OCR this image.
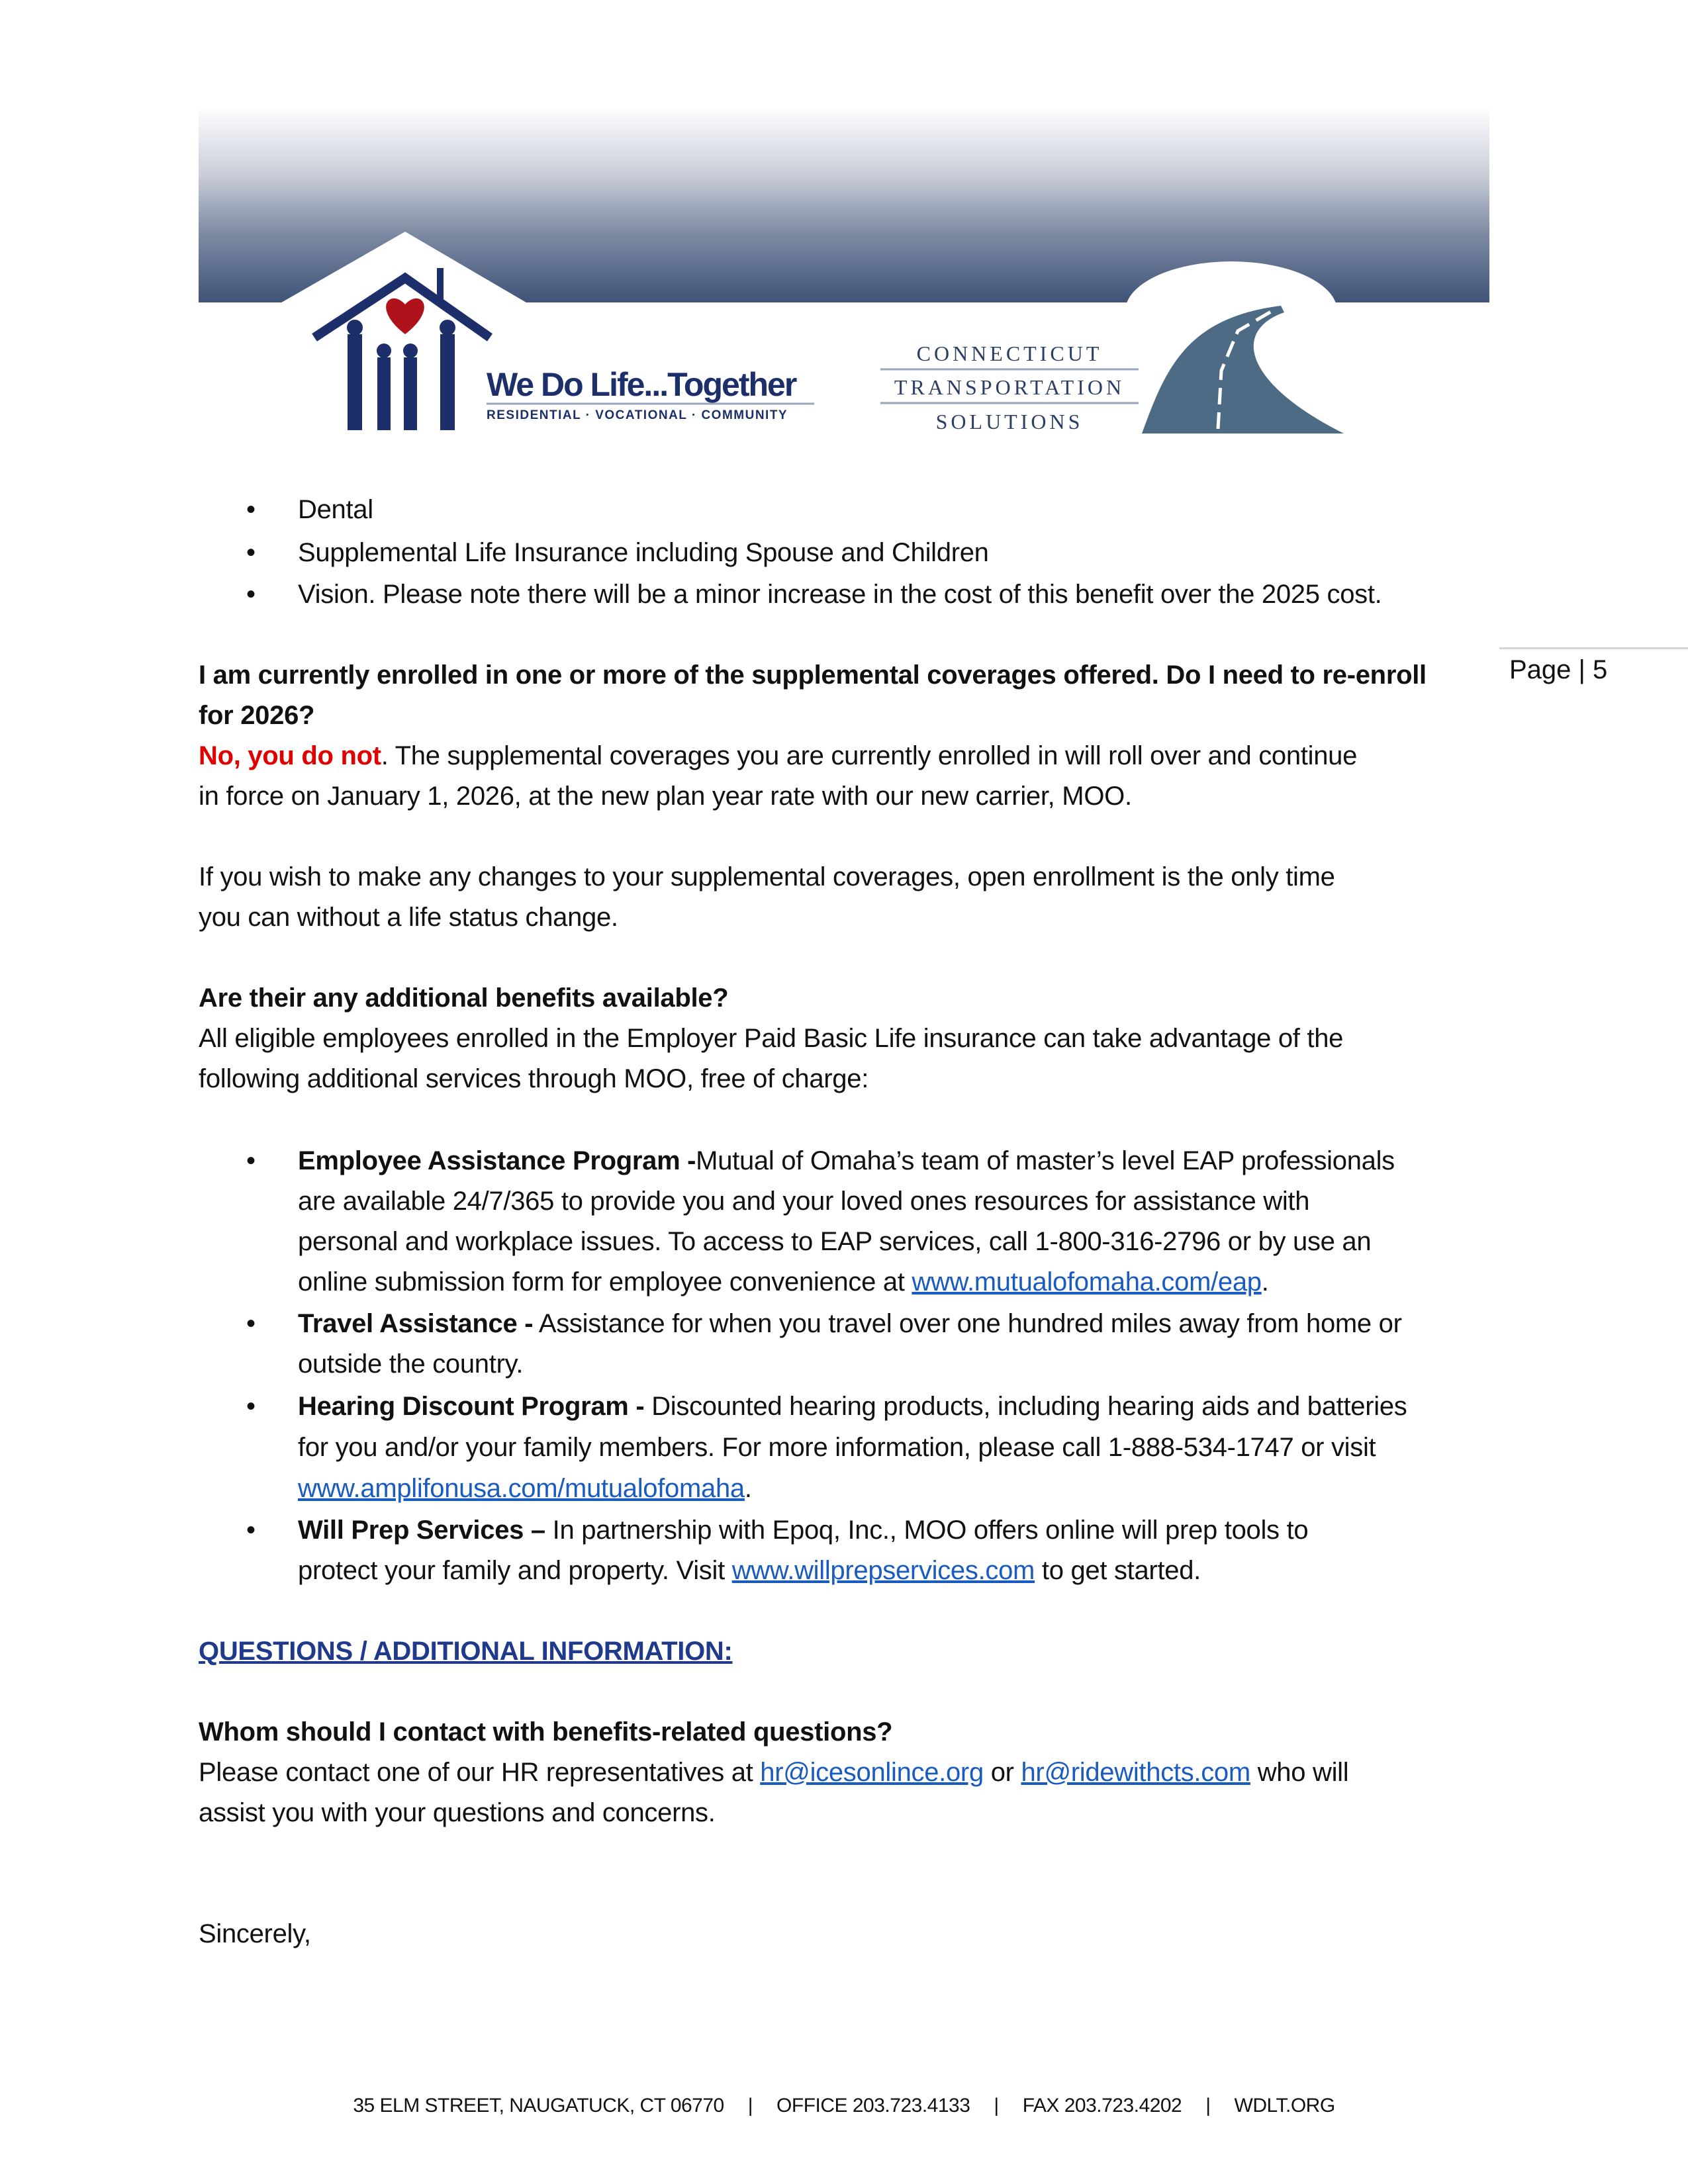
We Do Life...Together
RESIDENTIAL · VOCATIONAL · COMMUNITY
CONNECTICUT
TRANSPORTATION
SOLUTIONS
Page | 5
• Dental
• Supplemental Life Insurance including Spouse and Children
• Vision. Please note there will be a minor increase in the cost of this benefit over the 2025 cost.
I am currently enrolled in one or more of the supplemental coverages offered. Do I need to re-enroll
for 2026?
No, you do not. The supplemental coverages you are currently enrolled in will roll over and continue
in force on January 1, 2026, at the new plan year rate with our new carrier, MOO.
If you wish to make any changes to your supplemental coverages, open enrollment is the only time
you can without a life status change.
Are their any additional benefits available?
All eligible employees enrolled in the Employer Paid Basic Life insurance can take advantage of the
following additional services through MOO, free of charge:
• Employee Assistance Program -Mutual of Omaha’s team of master’s level EAP professionals
are available 24/7/365 to provide you and your loved ones resources for assistance with
personal and workplace issues. To access to EAP services, call 1-800-316-2796 or by use an
online submission form for employee convenience at www.mutualofomaha.com/eap.
• Travel Assistance - Assistance for when you travel over one hundred miles away from home or
outside the country.
• Hearing Discount Program - Discounted hearing products, including hearing aids and batteries
for you and/or your family members. For more information, please call 1-888-534-1747 or visit
www.amplifonusa.com/mutualofomaha.
• Will Prep Services – In partnership with Epoq, Inc., MOO offers online will prep tools to
protect your family and property. Visit www.willprepservices.com to get started.
QUESTIONS / ADDITIONAL INFORMATION:
Whom should I contact with benefits-related questions?
Please contact one of our HR representatives at hr@icesonlince.org or hr@ridewithcts.com who will
assist you with your questions and concerns.
Sincerely,
35 ELM STREET, NAUGATUCK, CT 06770 | OFFICE 203.723.4133 | FAX 203.723.4202 | WDLT.ORG
